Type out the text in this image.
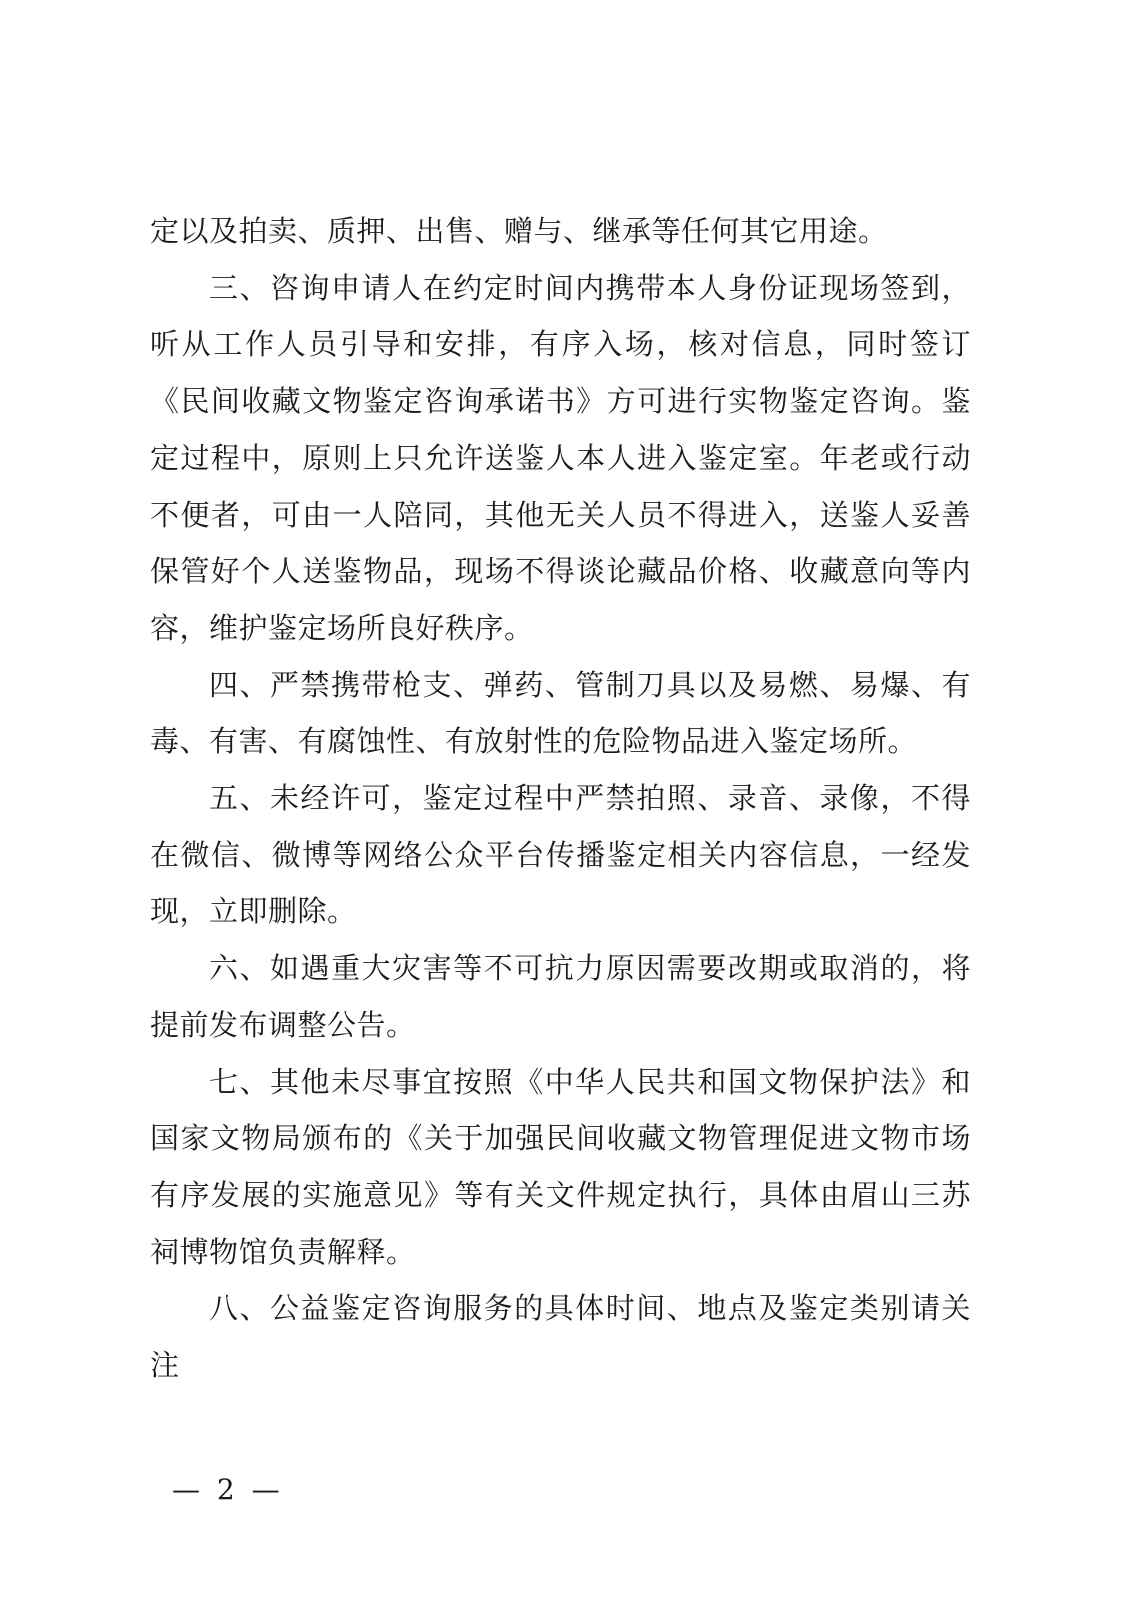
定以及拍卖、质押、出售、赠与、继承等任何其它用途。

三、咨询申请人在约定时间内携带本人身份证现场签到，听从工作人员引导和安排，有序入场，核对信息，同时签订《民间收藏文物鉴定咨询承诺书》方可进行实物鉴定咨询。鉴定过程中，原则上只允许送鉴人本人进入鉴定室。年老或行动不便者，可由一人陪同，其他无关人员不得进入，送鉴人妥善保管好个人送鉴物品，现场不得谈论藏品价格、收藏意向等内容，维护鉴定场所良好秩序。

四、严禁携带枪支、弹药、管制刀具以及易燃、易爆、有毒、有害、有腐蚀性、有放射性的危险物品进入鉴定场所。

五、未经许可，鉴定过程中严禁拍照、录音、录像，不得在微信、微博等网络公众平台传播鉴定相关内容信息，一经发现，立即删除。

六、如遇重大灾害等不可抗力原因需要改期或取消的，将提前发布调整公告。

七、其他未尽事宜按照《中华人民共和国文物保护法》和国家文物局颁布的《关于加强民间收藏文物管理促进文物市场有序发展的实施意见》等有关文件规定执行，具体由眉山三苏祠博物馆负责解释。

八、公益鉴定咨询服务的具体时间、地点及鉴定类别请关注

— 2 —
